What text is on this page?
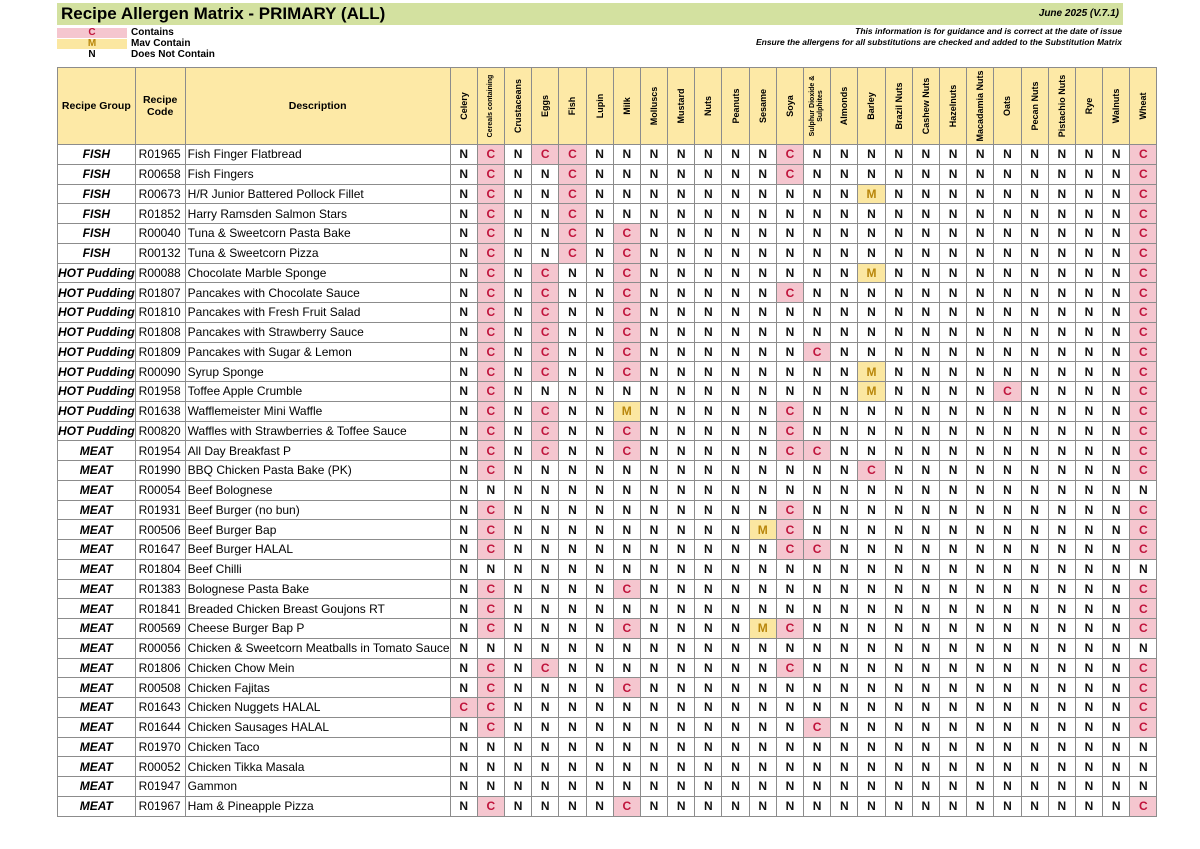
Recipe Allergen Matrix - PRIMARY (ALL)	June 2025 (V.7.1)
C	Contains
M	Mav Contain
N	Does Not Contain
This information is for guidance and is correct at the date of issue
Ensure the allergens for all substitutions are checked and added to the Substitution Matrix
Recipe Group	Recipe Code	Description	Celery	Cereals containing	Crustaceans	Eggs	Fish	Lupin	Milk	Molluscs	Mustard	Nuts	Peanuts	Sesame	Soya	Sulphur Dioxide & Sulphites	Almonds	Barley	Brazil Nuts	Cashew Nuts	Hazelnuts	Macadamia Nuts	Oats	Pecan Nuts	Pistachio Nuts	Rye	Walnuts	Wheat

FISH	R01965	Fish Finger Flatbread	N	C	N	C	C	N	N	N	N	N	N	N	C	N	N	N	N	N	N	N	N	N	N	N	N	C
FISH	R00658	Fish Fingers	N	C	N	N	C	N	N	N	N	N	N	N	C	N	N	N	N	N	N	N	N	N	N	N	N	C
FISH	R00673	H/R Junior Battered Pollock Fillet	N	C	N	N	C	N	N	N	N	N	N	N	N	N	N	M	N	N	N	N	N	N	N	N	N	C
FISH	R01852	Harry Ramsden Salmon Stars	N	C	N	N	C	N	N	N	N	N	N	N	N	N	N	N	N	N	N	N	N	N	N	N	N	C
FISH	R00040	Tuna & Sweetcorn Pasta Bake	N	C	N	N	C	N	C	N	N	N	N	N	N	N	N	N	N	N	N	N	N	N	N	N	N	C
FISH	R00132	Tuna & Sweetcorn Pizza	N	C	N	N	C	N	C	N	N	N	N	N	N	N	N	N	N	N	N	N	N	N	N	N	N	C
HOT Pudding	R00088	Chocolate Marble Sponge	N	C	N	C	N	N	C	N	N	N	N	N	N	N	N	M	N	N	N	N	N	N	N	N	N	C
HOT Pudding	R01807	Pancakes with Chocolate Sauce	N	C	N	C	N	N	C	N	N	N	N	N	C	N	N	N	N	N	N	N	N	N	N	N	N	C
HOT Pudding	R01810	Pancakes with Fresh Fruit Salad	N	C	N	C	N	N	C	N	N	N	N	N	N	N	N	N	N	N	N	N	N	N	N	N	N	C
HOT Pudding	R01808	Pancakes with Strawberry Sauce	N	C	N	C	N	N	C	N	N	N	N	N	N	N	N	N	N	N	N	N	N	N	N	N	N	C
HOT Pudding	R01809	Pancakes with Sugar & Lemon	N	C	N	C	N	N	C	N	N	N	N	N	N	C	N	N	N	N	N	N	N	N	N	N	N	C
HOT Pudding	R00090	Syrup Sponge	N	C	N	C	N	N	C	N	N	N	N	N	N	N	N	M	N	N	N	N	N	N	N	N	N	C
HOT Pudding	R01958	Toffee Apple Crumble	N	C	N	N	N	N	N	N	N	N	N	N	N	N	N	M	N	N	N	N	C	N	N	N	N	C
HOT Pudding	R01638	Wafflemeister Mini Waffle	N	C	N	C	N	N	M	N	N	N	N	N	C	N	N	N	N	N	N	N	N	N	N	N	N	C
HOT Pudding	R00820	Waffles with Strawberries & Toffee Sauce	N	C	N	C	N	N	C	N	N	N	N	N	C	N	N	N	N	N	N	N	N	N	N	N	N	C
MEAT	R01954	All Day Breakfast P	N	C	N	C	N	N	C	N	N	N	N	N	C	C	N	N	N	N	N	N	N	N	N	N	N	C
MEAT	R01990	BBQ Chicken Pasta Bake (PK)	N	C	N	N	N	N	N	N	N	N	N	N	N	N	N	C	N	N	N	N	N	N	N	N	N	C
MEAT	R00054	Beef Bolognese	N	N	N	N	N	N	N	N	N	N	N	N	N	N	N	N	N	N	N	N	N	N	N	N	N	N
MEAT	R01931	Beef Burger (no bun)	N	C	N	N	N	N	N	N	N	N	N	N	C	N	N	N	N	N	N	N	N	N	N	N	N	C
MEAT	R00506	Beef Burger Bap	N	C	N	N	N	N	N	N	N	N	N	M	C	N	N	N	N	N	N	N	N	N	N	N	N	C
MEAT	R01647	Beef Burger HALAL	N	C	N	N	N	N	N	N	N	N	N	N	C	C	N	N	N	N	N	N	N	N	N	N	N	C
MEAT	R01804	Beef Chilli	N	N	N	N	N	N	N	N	N	N	N	N	N	N	N	N	N	N	N	N	N	N	N	N	N	N
MEAT	R01383	Bolognese Pasta Bake	N	C	N	N	N	N	C	N	N	N	N	N	N	N	N	N	N	N	N	N	N	N	N	N	N	C
MEAT	R01841	Breaded Chicken Breast Goujons RT	N	C	N	N	N	N	N	N	N	N	N	N	N	N	N	N	N	N	N	N	N	N	N	N	N	C
MEAT	R00569	Cheese Burger Bap P	N	C	N	N	N	N	C	N	N	N	N	M	C	N	N	N	N	N	N	N	N	N	N	N	N	C
MEAT	R00056	Chicken & Sweetcorn Meatballs in Tomato Sauce	N	N	N	N	N	N	N	N	N	N	N	N	N	N	N	N	N	N	N	N	N	N	N	N	N	N
MEAT	R01806	Chicken Chow Mein	N	C	N	C	N	N	N	N	N	N	N	N	C	N	N	N	N	N	N	N	N	N	N	N	N	C
MEAT	R00508	Chicken Fajitas	N	C	N	N	N	N	C	N	N	N	N	N	N	N	N	N	N	N	N	N	N	N	N	N	N	C
MEAT	R01643	Chicken Nuggets HALAL	C	C	N	N	N	N	N	N	N	N	N	N	N	N	N	N	N	N	N	N	N	N	N	N	N	C
MEAT	R01644	Chicken Sausages HALAL	N	C	N	N	N	N	N	N	N	N	N	N	N	C	N	N	N	N	N	N	N	N	N	N	N	C
MEAT	R01970	Chicken Taco	N	N	N	N	N	N	N	N	N	N	N	N	N	N	N	N	N	N	N	N	N	N	N	N	N	N
MEAT	R00052	Chicken Tikka Masala	N	N	N	N	N	N	N	N	N	N	N	N	N	N	N	N	N	N	N	N	N	N	N	N	N	N
MEAT	R01947	Gammon	N	N	N	N	N	N	N	N	N	N	N	N	N	N	N	N	N	N	N	N	N	N	N	N	N	N
MEAT	R01967	Ham & Pineapple Pizza	N	C	N	N	N	N	C	N	N	N	N	N	N	N	N	N	N	N	N	N	N	N	N	N	N	C
